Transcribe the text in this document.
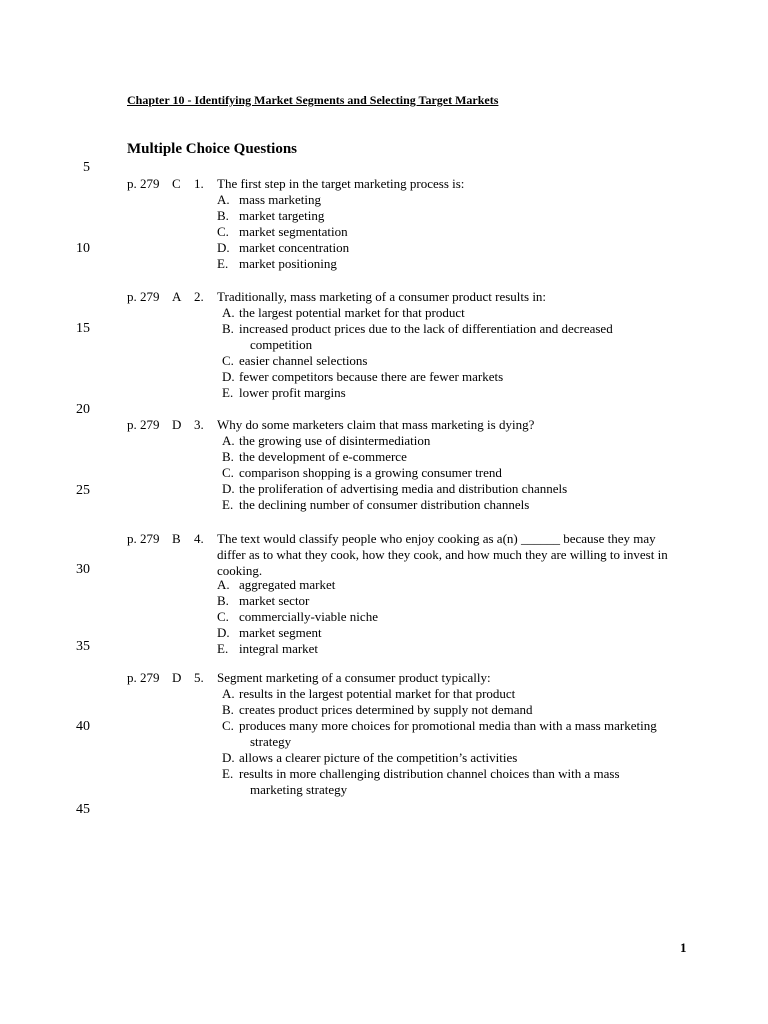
Chapter 10 - Identifying Market Segments and Selecting Target Markets
Multiple Choice Questions
5
10
15
20
25
30
35
40
45
p. 279 C 1. The first step in the target marketing process is:
A. mass marketing
B. market targeting
C. market segmentation
D. market concentration
E. market positioning
p. 279 A 2. Traditionally, mass marketing of a consumer product results in:
A. the largest potential market for that product
B. increased product prices due to the lack of differentiation and decreased
competition
C. easier channel selections
D. fewer competitors because there are fewer markets
E. lower profit margins
p. 279 D 3. Why do some marketers claim that mass marketing is dying?
A. the growing use of disintermediation
B. the development of e-commerce
C. comparison shopping is a growing consumer trend
D. the proliferation of advertising media and distribution channels
E. the declining number of consumer distribution channels
p. 279 B 4. The text would classify people who enjoy cooking as a(n) ______ because they may differ as to what they cook, how they cook, and how much they are willing to invest in cooking.
A. aggregated market
B. market sector
C. commercially-viable niche
D. market segment
E. integral market
p. 279 D 5. Segment marketing of a consumer product typically:
A. results in the largest potential market for that product
B. creates product prices determined by supply not demand
C. produces many more choices for promotional media than with a mass marketing
strategy
D. allows a clearer picture of the competition’s activities
E. results in more challenging distribution channel choices than with a mass
marketing strategy
1
